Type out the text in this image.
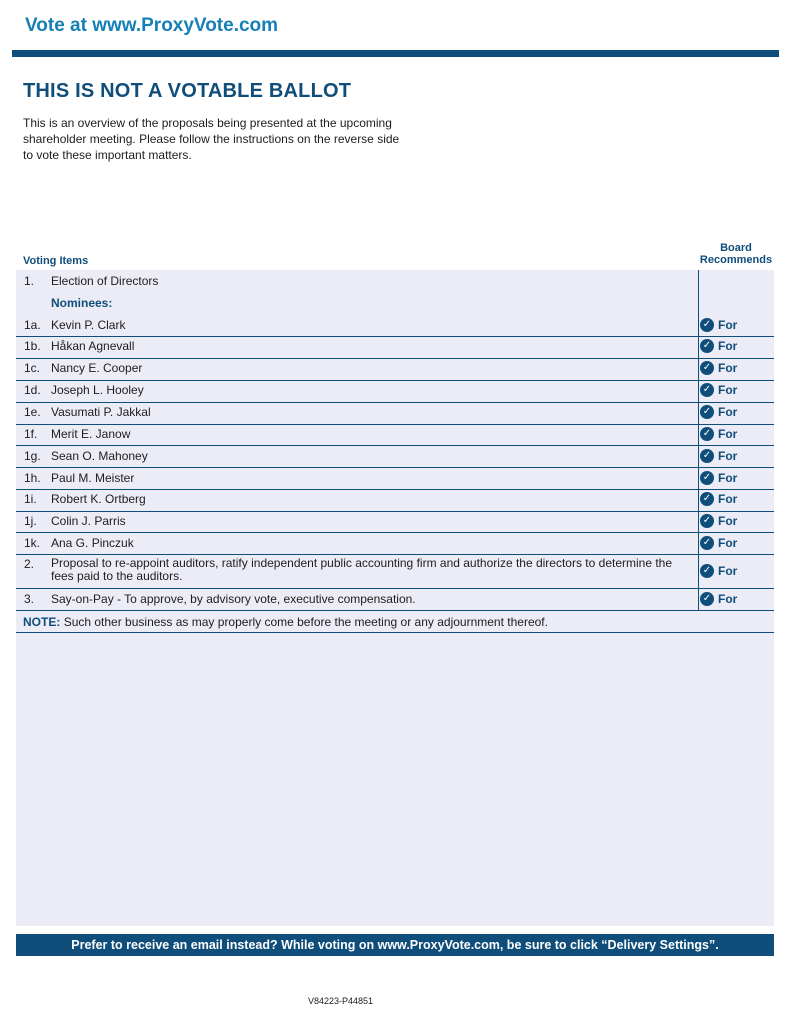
Vote at www.ProxyVote.com
THIS IS NOT A VOTABLE BALLOT
This is an overview of the proposals being presented at the upcoming shareholder meeting. Please follow the instructions on the reverse side to vote these important matters.
Voting Items
Board
Recommends
1. Election of Directors
Nominees:
1a. Kevin P. Clark	✓ For
1b. Håkan Agnevall	✓ For
1c. Nancy E. Cooper	✓ For
1d. Joseph L. Hooley	✓ For
1e. Vasumati P. Jakkal	✓ For
1f. Merit E. Janow	✓ For
1g. Sean O. Mahoney	✓ For
1h. Paul M. Meister	✓ For
1i. Robert K. Ortberg	✓ For
1j. Colin J. Parris	✓ For
1k. Ana G. Pinczuk	✓ For
2. Proposal to re-appoint auditors, ratify independent public accounting firm and authorize the directors to determine the fees paid to the auditors.	✓ For
3. Say-on-Pay - To approve, by advisory vote, executive compensation.	✓ For
NOTE: Such other business as may properly come before the meeting or any adjournment thereof.
Prefer to receive an email instead? While voting on www.ProxyVote.com, be sure to click “Delivery Settings”.
V84223-P44851
